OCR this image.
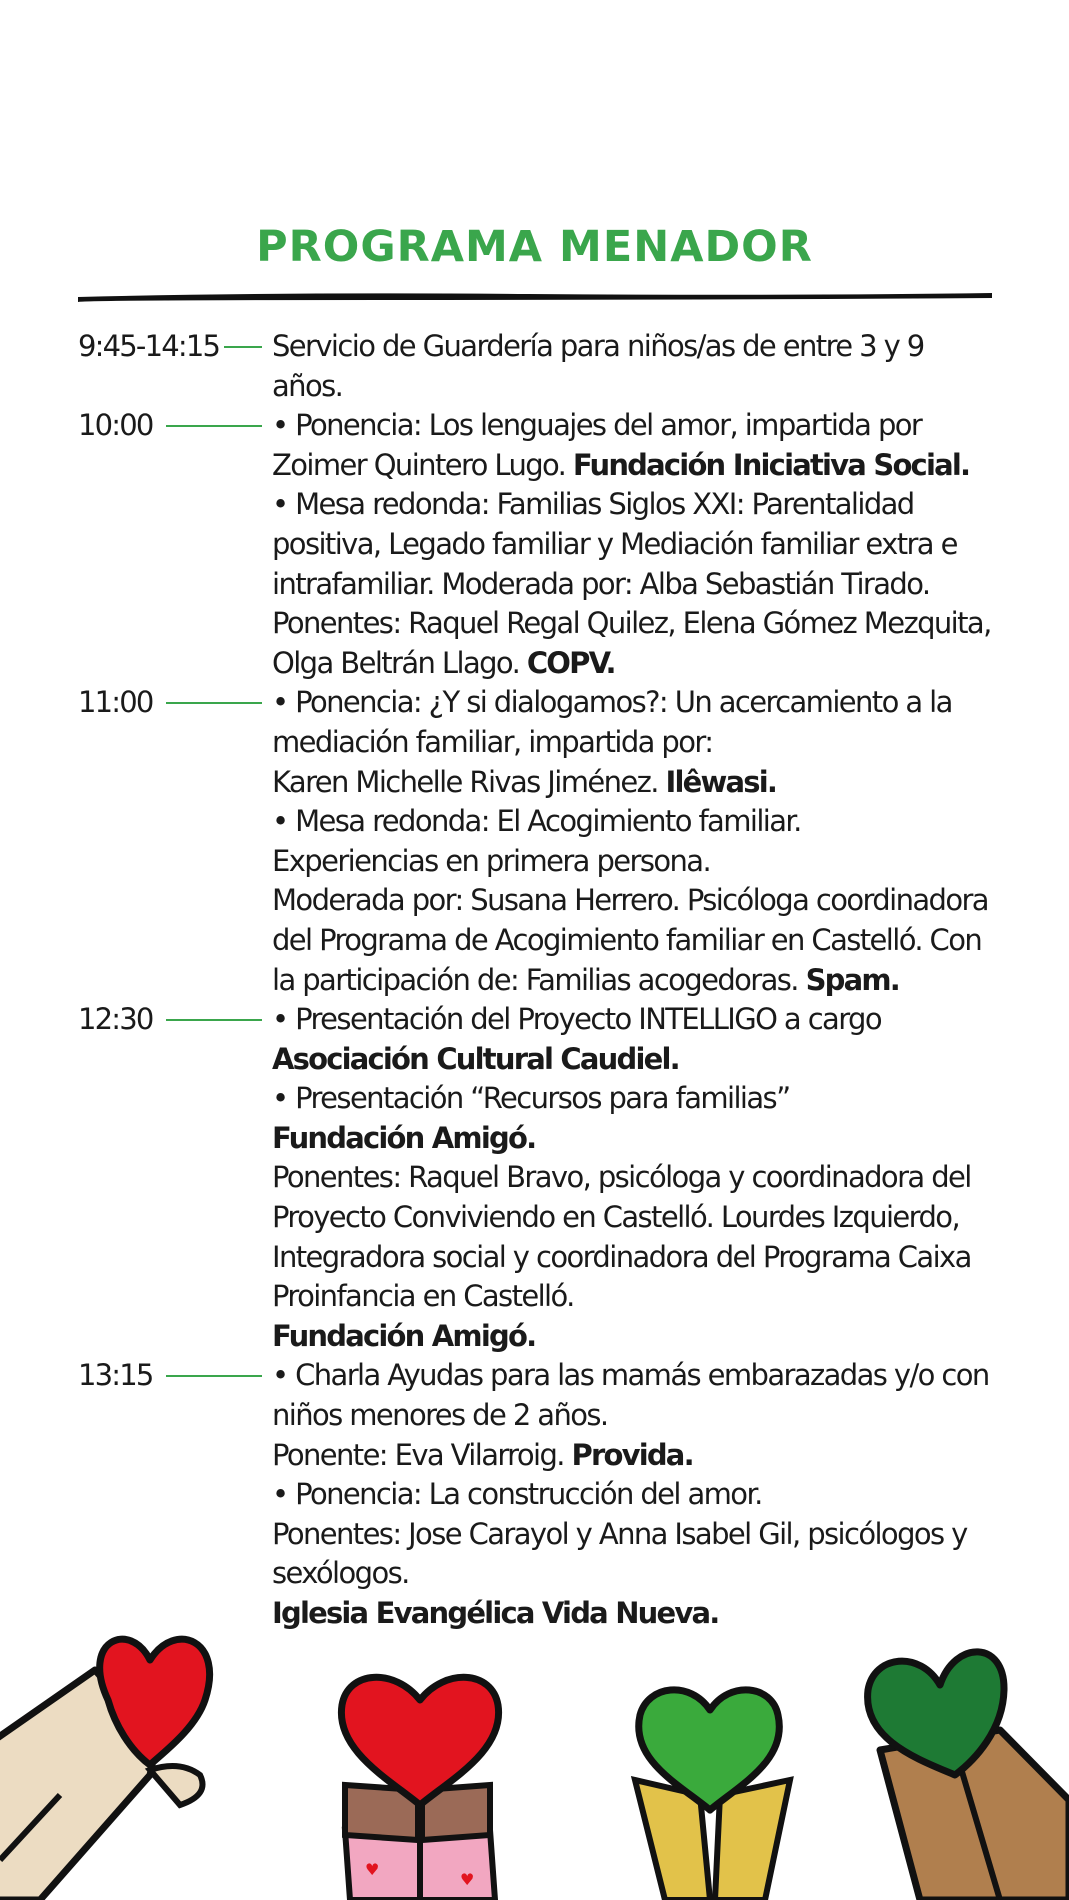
PROGRAMA MENADOR
9:45-14:15 Servicio de Guardería para niños/as de entre 3 y 9 años.

10:00	• Ponencia: Los lenguajes del amor, impartida por Zoimer Quintero Lugo. Fundación Iniciativa Social.

• Mesa redonda: Familias Siglos XXI: Parentalidad positiva, Legado familiar y Mediación familiar extra e intrafamiliar. Moderada por: Alba Sebastián Tirado. Ponentes: Raquel Regal Quilez, Elena Gómez Mezquita, Olga Beltrán Llago. COPV.

11:00	• Ponencia: ¿Y si dialogamos?: Un acercamiento a la mediación familiar, impartida por:

Karen Michelle Rivas Jiménez. Ilêwasi.

• Mesa redonda: El Acogimiento familiar.

Experiencias en primera persona.

Moderada por: Susana Herrero. Psicóloga coordinadora del Programa de Acogimiento familiar en Castelló. Con la participación de: Familias acogedoras. Spam.

12:30	• Presentación del Proyecto INTELLIGO a cargo

Asociación Cultural Caudiel.

• Presentación “Recursos para familias”

Fundación Amigó.

Ponentes: Raquel Bravo, psicóloga y coordinadora del Proyecto Conviviendo en Castelló. Lourdes Izquierdo, Integradora social y coordinadora del Programa Caixa Proinfancia en Castelló.

Fundación Amigó.

13:15	• Charla Ayudas para las mamás embarazadas y/o con niños menores de 2 años.

Ponente: Eva Vilarroig. Provida.

• Ponencia: La construcción del amor.

Ponentes: Jose Carayol y Anna Isabel Gil, psicólogos y sexólogos.

Iglesia Evangélica Vida Nueva.

♥
♥
